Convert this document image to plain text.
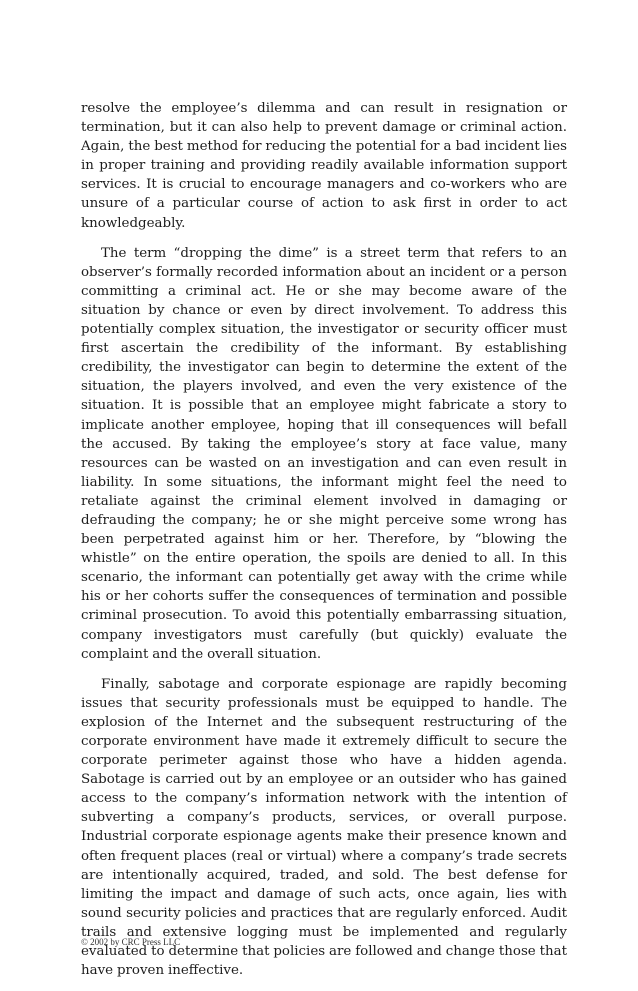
resolve the employee’s dilemma and can result in resignation or termination, but it can also help to prevent damage or criminal action. Again, the best method for reducing the potential for a bad incident lies in proper training and providing readily available information support services. It is crucial to encourage managers and co-workers who are unsure of a particular course of action to ask first in order to act knowledgeably.

The term “dropping the dime” is a street term that refers to an observer’s formally recorded information about an incident or a person committing a criminal act. He or she may become aware of the situation by chance or even by direct involvement. To address this potentially complex situation, the investigator or security officer must first ascertain the credibility of the informant. By establishing credibility, the investigator can begin to determine the extent of the situation, the players involved, and even the very existence of the situation. It is possible that an employee might fabricate a story to implicate another employee, hoping that ill consequences will befall the accused. By taking the employee’s story at face value, many resources can be wasted on an investigation and can even result in liability. In some situations, the informant might feel the need to retaliate against the criminal element involved in damaging or defrauding the company; he or she might perceive some wrong has been perpetrated against him or her. Therefore, by “blowing the whistle” on the entire operation, the spoils are denied to all. In this scenario, the informant can potentially get away with the crime while his or her cohorts suffer the consequences of termination and possible criminal prosecution. To avoid this potentially embarrassing situation, company investigators must carefully (but quickly) evaluate the complaint and the overall situation.

Finally, sabotage and corporate espionage are rapidly becoming issues that security professionals must be equipped to handle. The explosion of the Internet and the subsequent restructuring of the corporate environment have made it extremely difficult to secure the corporate perimeter against those who have a hidden agenda. Sabotage is carried out by an employee or an outsider who has gained access to the company’s information network with the intention of subverting a company’s products, services, or overall purpose. Industrial corporate espionage agents make their presence known and often frequent places (real or virtual) where a company’s trade secrets are intentionally acquired, traded, and sold. The best defense for limiting the impact and damage of such acts, once again, lies with sound security policies and practices that are regularly enforced. Audit trails and extensive logging must be implemented and regularly evaluated to determine that policies are followed and change those that have proven ineffective.

© 2002 by CRC Press LLC
